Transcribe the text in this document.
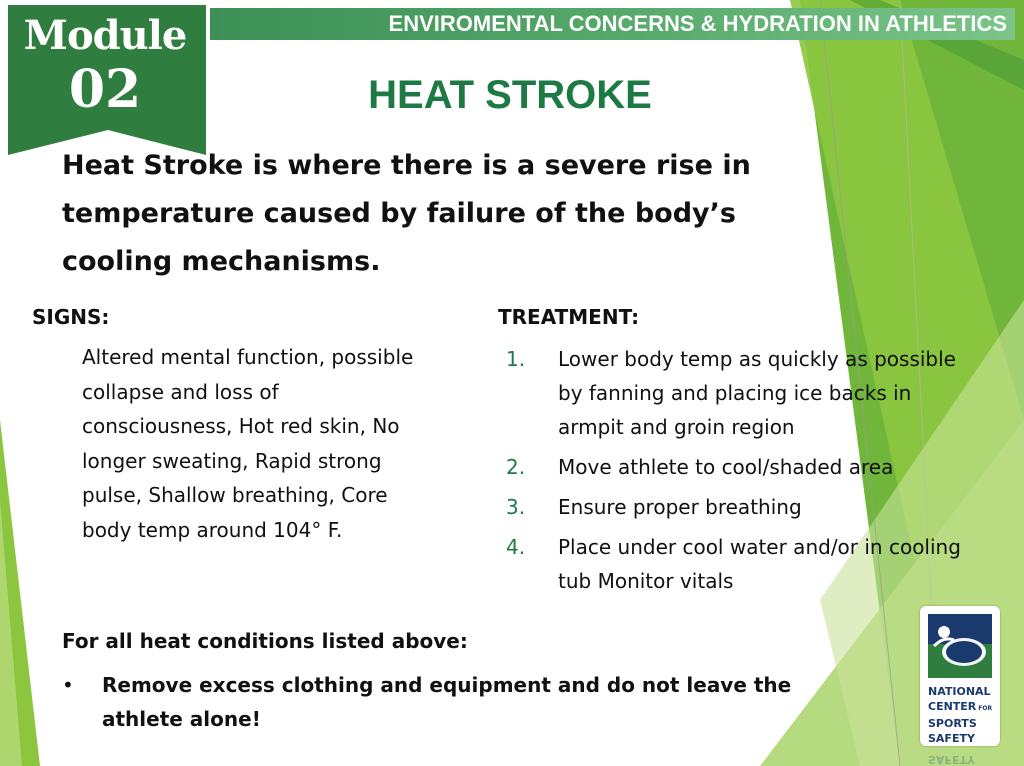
Module
02
ENVIROMENTAL CONCERNS & HYDRATION IN ATHLETICS
HEAT STROKE
Heat Stroke is where there is a severe rise in temperature caused by failure of the body’s cooling mechanisms.
SIGNS:
Altered mental function, possible collapse and loss of consciousness, Hot red skin, No longer sweating, Rapid strong pulse, Shallow breathing, Core body temp around 104° F.
TREATMENT:
1. Lower body temp as quickly as possible by fanning and placing ice backs in armpit and groin region
2. Move athlete to cool/shaded area
3. Ensure proper breathing
4. Place under cool water and/or in cooling tub Monitor vitals
For all heat conditions listed above:
• Remove excess clothing and equipment and do not leave the athlete alone!
NATIONAL
CENTER FOR
SPORTS
SAFETY
SAFETY
